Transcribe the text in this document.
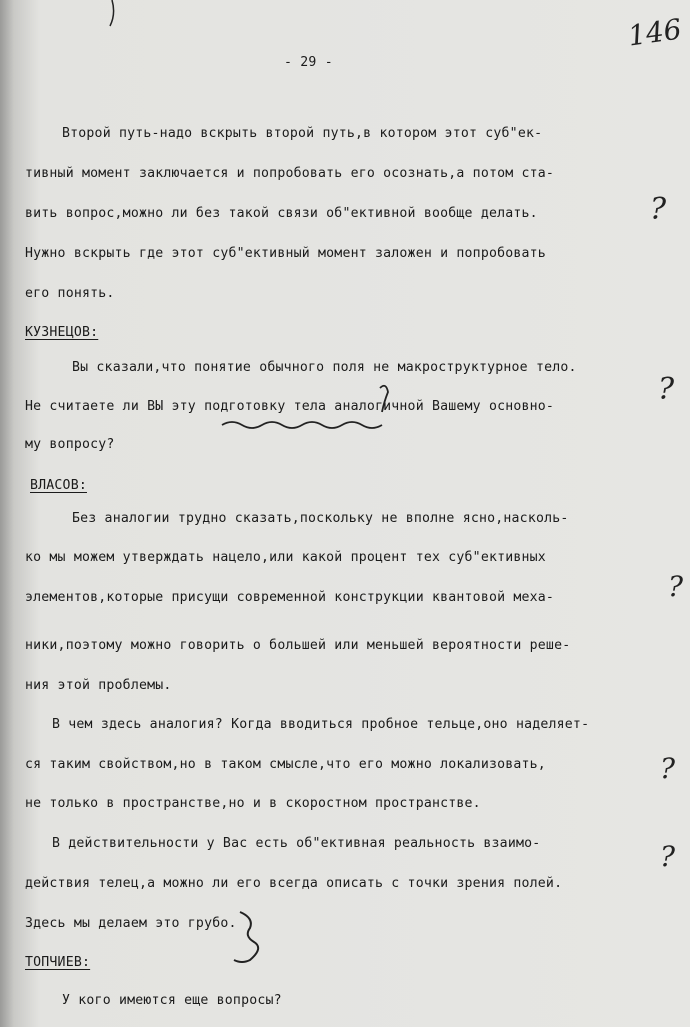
146
- 29 -
Второй путь-надо вскрыть второй путь,в котором этот суб"ек-
тивный момент заключается и попробовать его осознать,а потом ста-
вить вопрос,можно ли без такой связи об"ективной вообще делать.
Нужно вскрыть где этот суб"ективный момент заложен и попробовать
его понять.
КУЗНЕЦОВ:
Вы сказали,что понятие обычного поля не макроструктурное тело.
Не считаете ли ВЫ эту подготовку тела аналогичной Вашему основно-
му вопросу?
ВЛАСОВ:
Без аналогии трудно сказать,поскольку не вполне ясно,насколь-
ко мы можем утверждать нацело,или какой процент тех суб"ективных
элементов,которые присущи современной конструкции квантовой меха-
ники,поэтому можно говорить о большей или меньшей вероятности реше-
ния этой проблемы.
В чем здесь аналогия? Когда вводиться пробное тельце,оно наделяет-
ся таким свойством,но в таком смысле,что его можно локализовать,
не только в пространстве,но и в скоростном пространстве.
В действительности у Вас есть об"ективная реальность взаимо-
действия телец,а можно ли его всегда описать с точки зрения полей.
Здесь мы делаем это грубо.
ТОПЧИЕВ:
У кого имеются еще вопросы?
?
?
?
?
?
